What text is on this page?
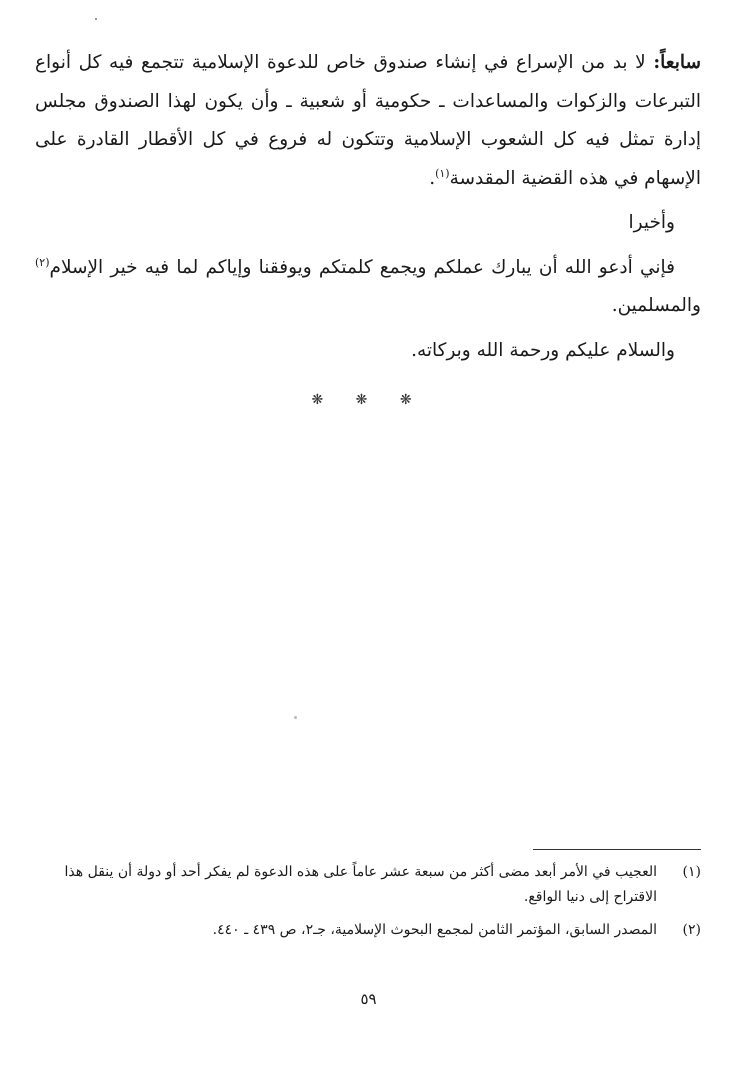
سابعاً: لا بد من الإسراع في إنشاء صندوق خاص للدعوة الإسلامية تتجمع فيه كل أنواع التبرعات والزكوات والمساعدات ـ حكومية أو شعبية ـ وأن يكون لهذا الصندوق مجلس إدارة تمثل فيه كل الشعوب الإسلامية وتتكون له فروع في كل الأقطار القادرة على الإسهام في هذه القضية المقدسة$^{(١)}$.

وأخيرا

فإني أدعو الله أن يبارك عملكم ويجمع كلمتكم ويوفقنا وإياكم لما فيه خير الإسلام$^{(٢)}$ والمسلمين.

والسلام عليكم ورحمة الله وبركاته.

❋ ❋ ❋
(١)
العجيب في الأمر أبعد مضى أكثر من سبعة عشر عاماً على هذه الدعوة لم يفكر أحد أو دولة أن ينقل هذا الاقتراح إلى دنيا الواقع.
(٢)
المصدر السابق، المؤتمر الثامن لمجمع البحوث الإسلامية، جـ٢، ص ٤٣٩ ـ ٤٤٠.
٥٩
